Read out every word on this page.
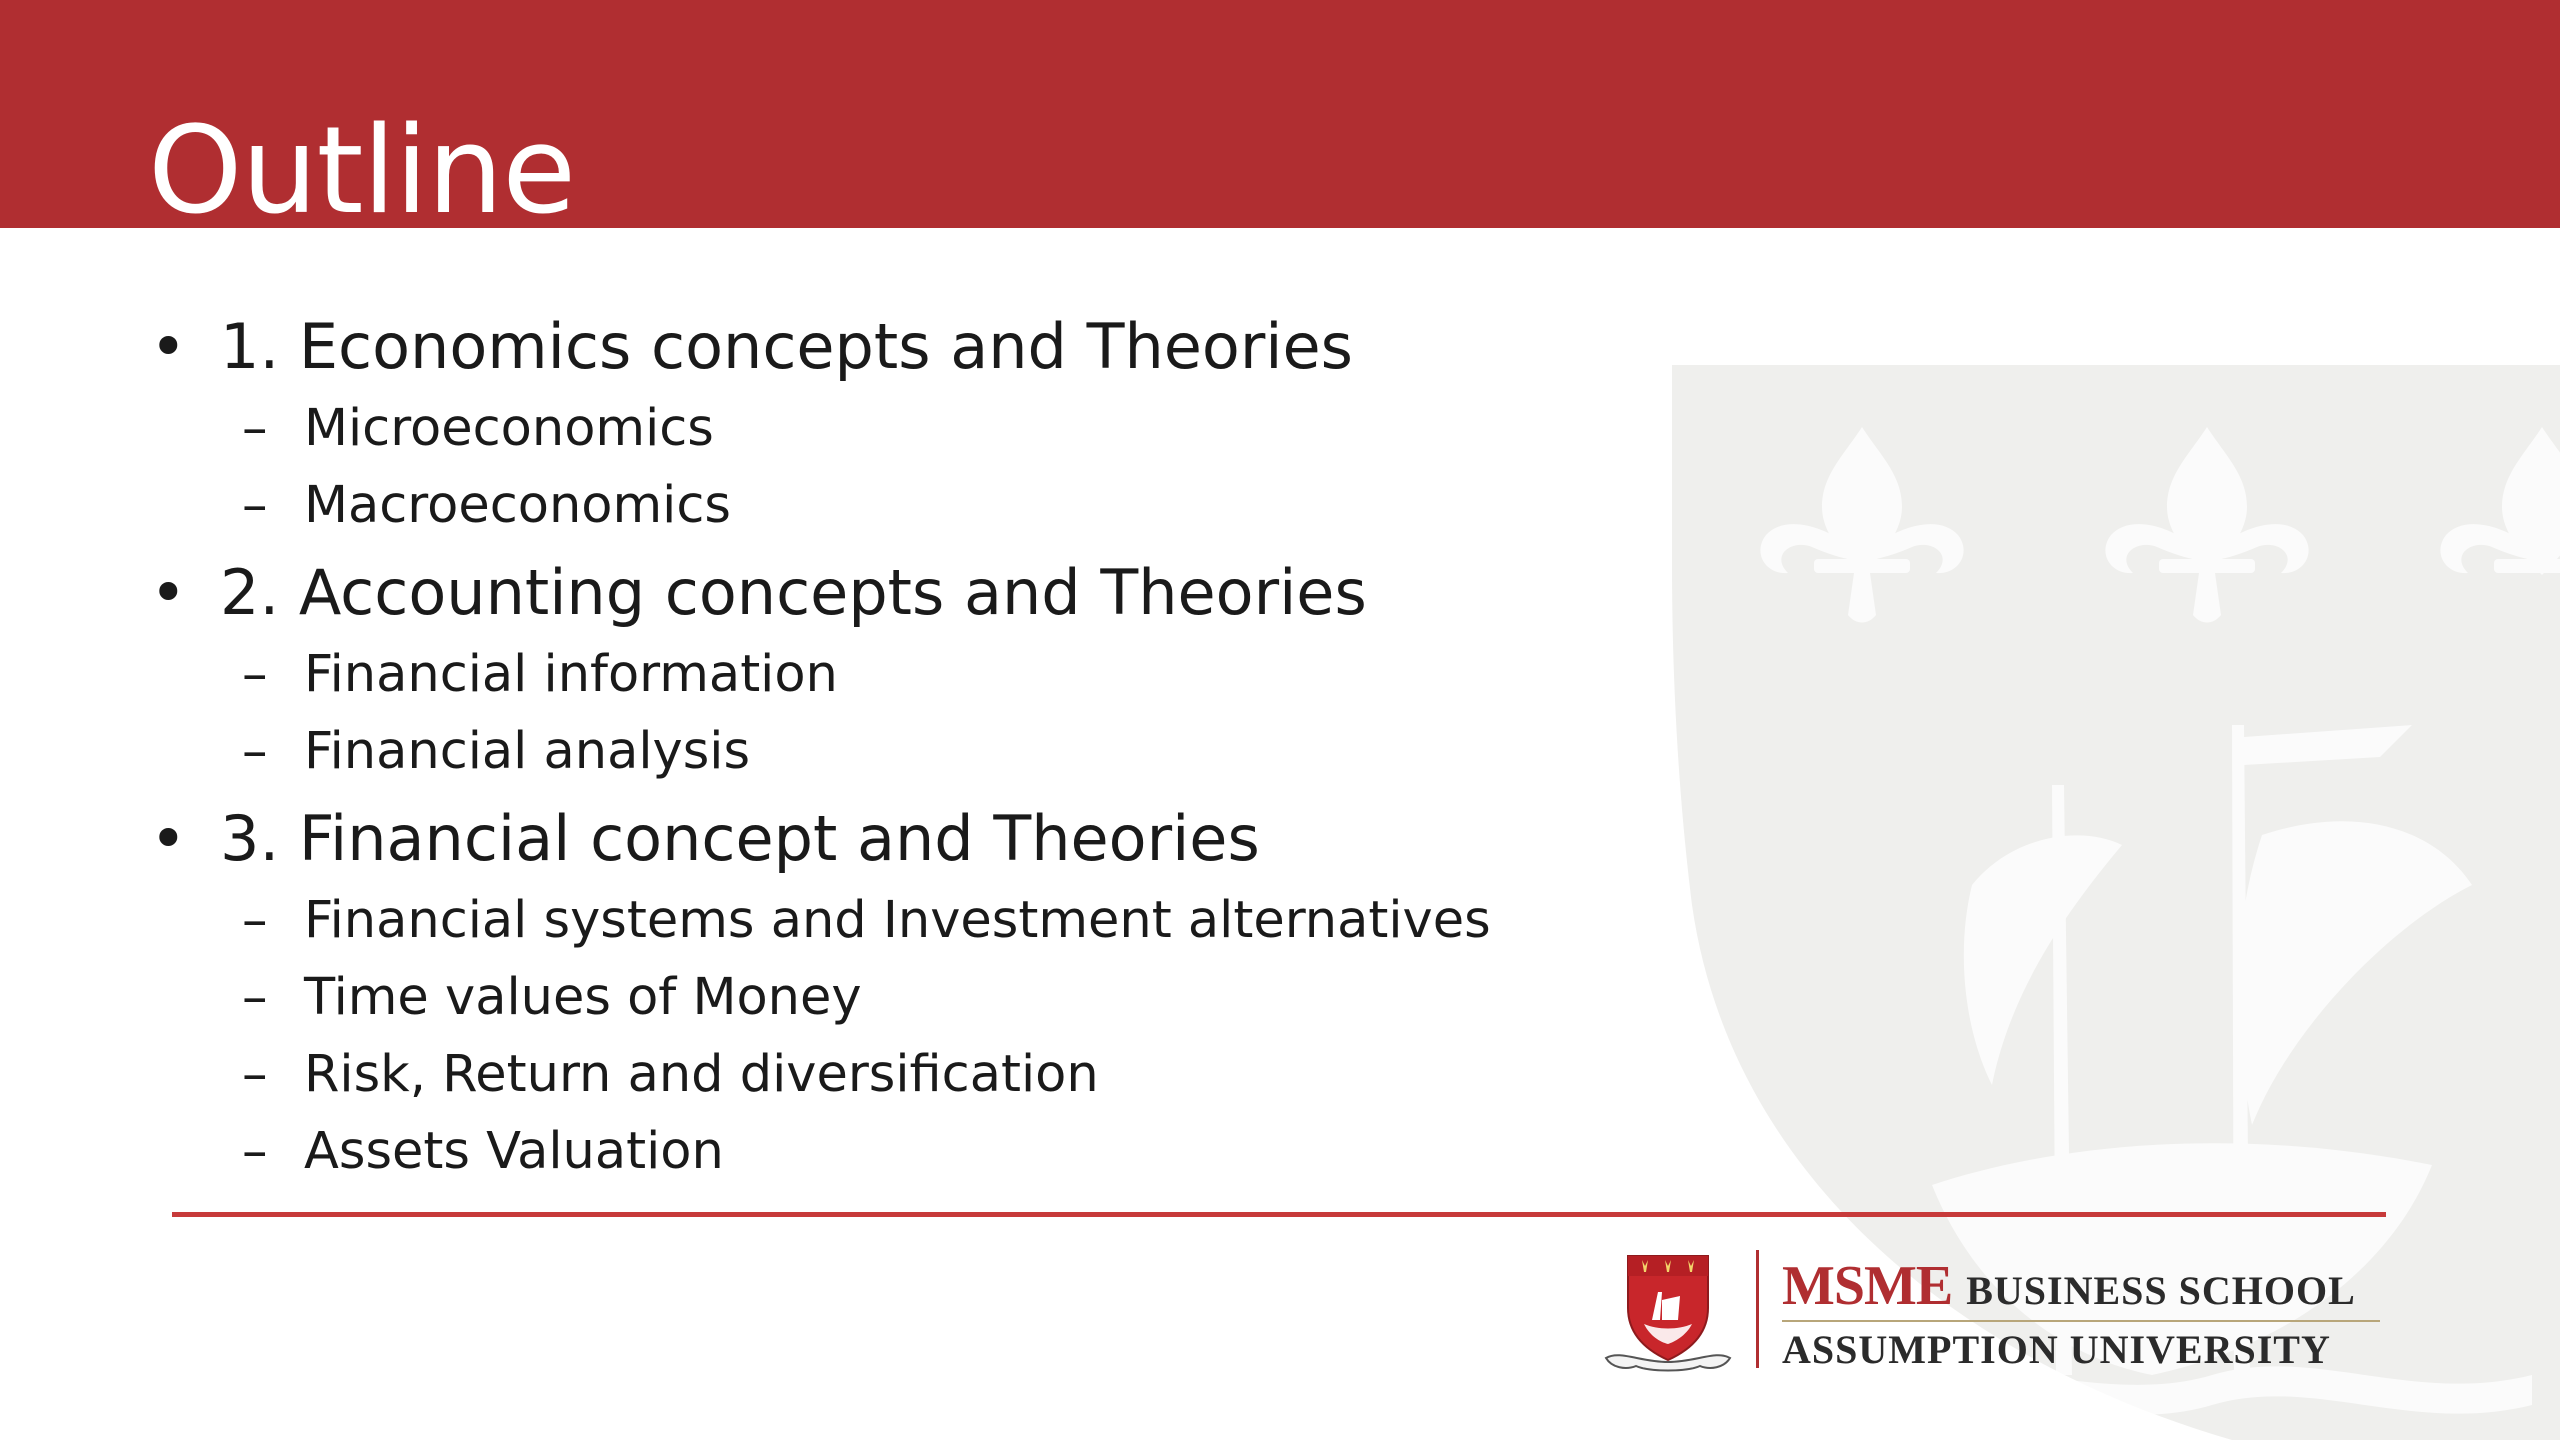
Outline
• 1. Economics concepts and Theories
– Microeconomics
– Macroeconomics
• 2. Accounting concepts and Theories
– Financial information
– Financial analysis
• 3. Financial concept and Theories
– Financial systems and Investment alternatives
– Time values of Money
– Risk, Return and diversification
– Assets Valuation
MSME BUSINESS SCHOOL
ASSUMPTION UNIVERSITY
